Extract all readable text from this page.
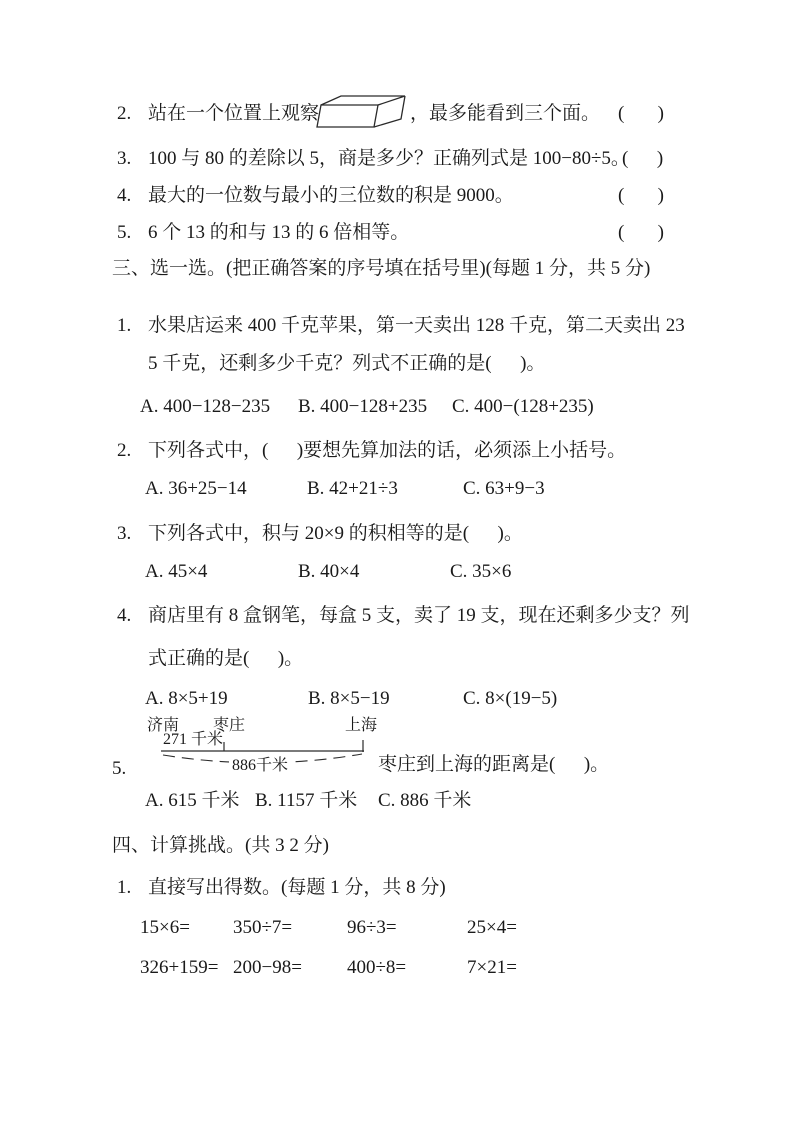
2. 站在一个位置上观察	，最多能看到三个面。 (       )
3. 100 与 80 的差除以 5，商是多少？正确列式是 100−80÷5。
(      )
4. 最大的一位数与最小的三位数的积是 9000。	(       )
5. 6 个 13 的和与 13 的 6 倍相等。	(       )
三、选一选。(把正确答案的序号填在括号里)(每题 1 分，共 5 分)
1. 水果店运来 400 千克苹果，第一天卖出 128 千克，第二天卖出 23
5 千克，还剩多少千克？列式不正确的是(      )。
A. 400−128−235 B. 400−128+235 C. 400−(128+235)
2. 下列各式中，(      )要想先算加法的话，必须添上小括号。
A. 36+25−14	B. 42+21÷3	C. 63+9−3
3. 下列各式中，积与 20×9 的积相等的是(      )。
A. 45×4	B. 40×4	C. 35×6
4. 商店里有 8 盒钢笔，每盒 5 支，卖了 19 支，现在还剩多少支？列
式正确的是(      )。
A. 8×5+19	B. 8×5−19	C. 8×(19−5)
济南 枣庄	上海
271 千米
886千米
5.	枣庄到上海的距离是(      )。
A. 615 千米 B. 1157 千米 C. 886 千米
四、计算挑战。(共 3 2 分)
1. 直接写出得数。(每题 1 分，共 8 分)
15×6= 350÷7=	96÷3=	25×4=
326+159= 200−98= 400÷8=	7×21=
